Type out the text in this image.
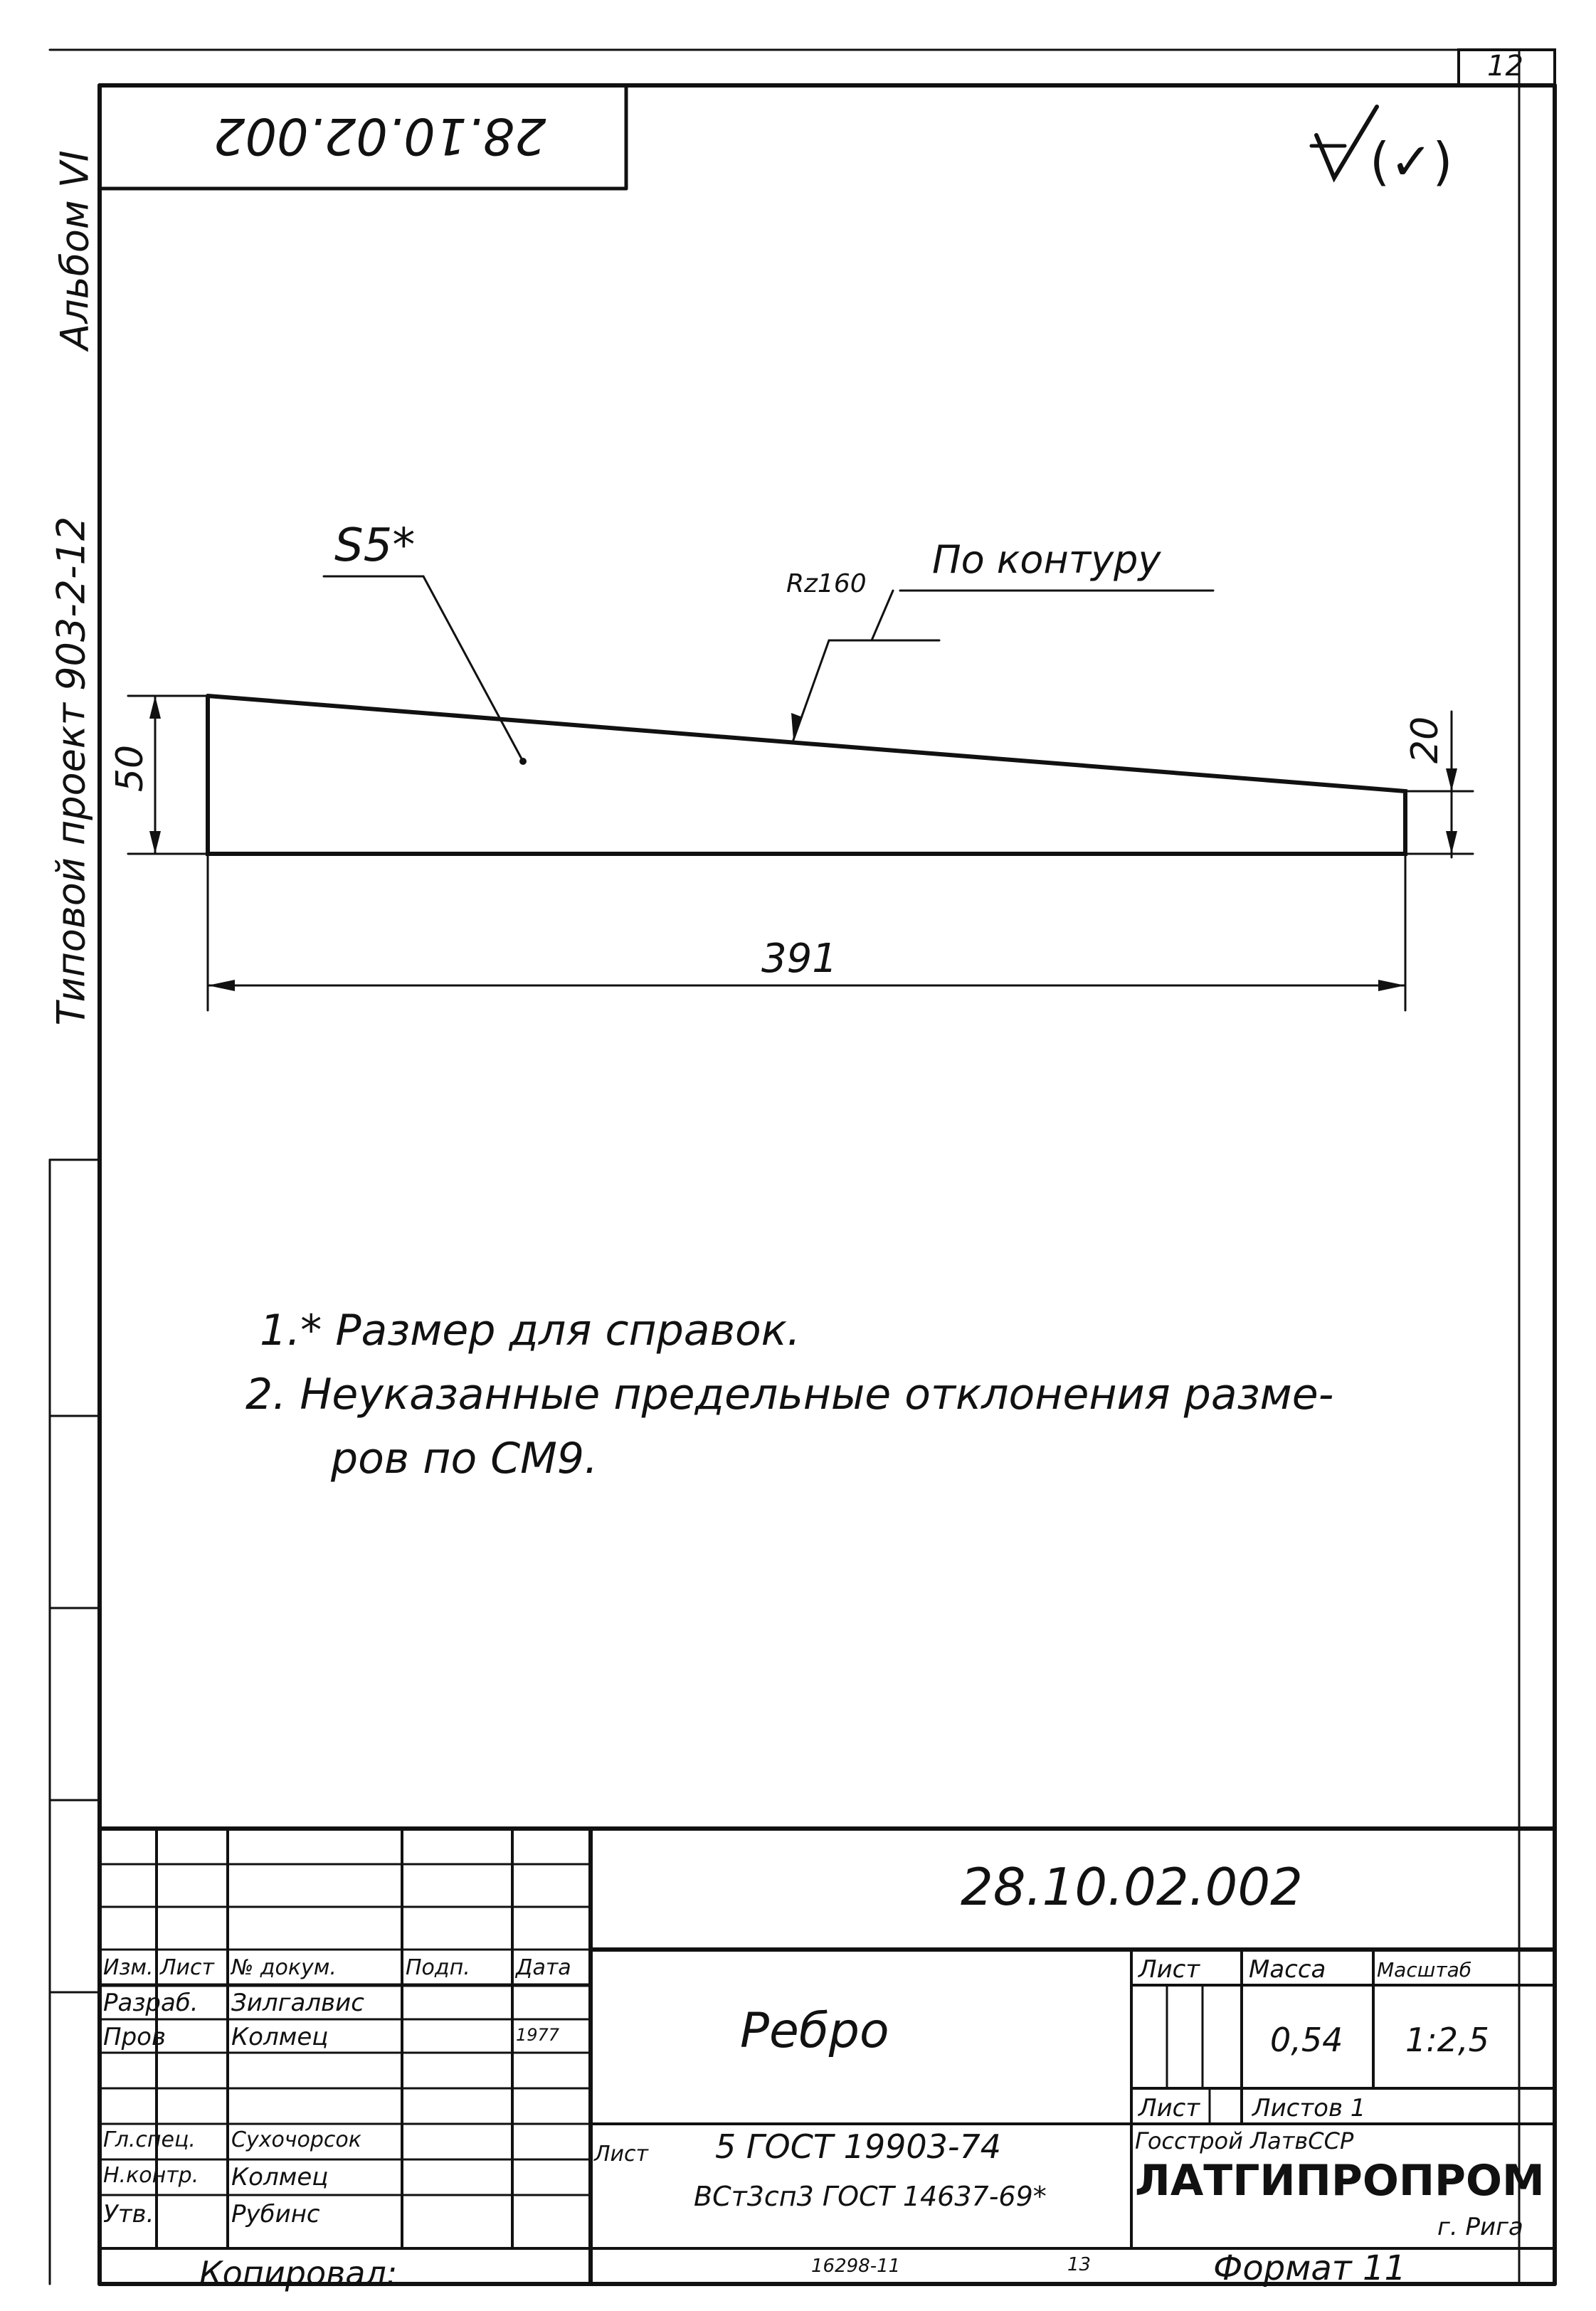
12
Типовой проект 903-2-12
Альбом VI
28.10.02.002	(✓)
S5*
Rz160
По контуру
50
20
391
1.* Размер для справок.
2. Неуказанные предельные отклонения разме-
ров по СМ9.
28.10.02.002
Ребро
Изм. Лист № докум.	Подп. Дата
Разраб. Зилгалвис
Пров	Колмец	1977
Гл.спец. Сухочорсок
Н.контр. Колмец
Утв.	Рубинс
Лист Масса	Масштаб
0,54 1:2,5
Лист Листов 1
Лист 5 ГОСТ 19903-74
ВСт3сп3 ГОСТ 14637-69*
Госстрой ЛатвССР
ЛАТГИПРОПРОМ
г. Рига
Копировал:	16298-11	13	Формат 11
